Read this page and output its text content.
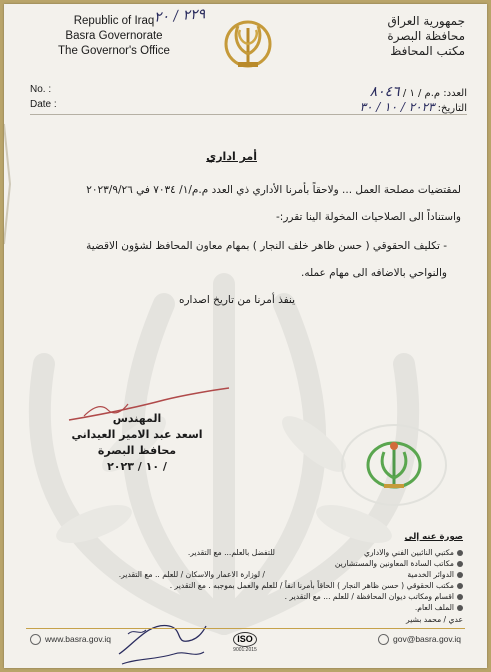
Republic of Iraq
Basra Governorate
The Governor's Office
٢٢٩ / ٢٠	جمهورية العراق
محافظة البصرة
مكتب المحافظ
No. :
Date :
العدد: م.م / ١ / ٨٠٤٦
التاريخ: ٢٠٢٣ / ١٠ / ٣٠
أمر اداري
لمقتضيات مصلحة العمل ... ولاحقاً بأمرنا الأداري ذي العدد م.م/١/ ٧٠٣٤ في ٢٠٢٣/٩/٢٦
واستناداً الى الصلاحيات المخولة الينا تقرر:-
- تكليف الحقوقي ( حسن ظاهر خلف النجار ) بمهام معاون المحافظ لشؤون الاقضية
والنواحي بالاضافه الى مهام عمله.
ينفذ أمرنا من تاريخ اصداره
المهندس
اسعد عبد الامير العيداني
محافظ البصرة
/ ١٠ / ٢٠٢٣
صورة عنه إلى
مكتبي النائبين الفني والاداري
مكاتب السادة المعاونين والمستشارين
الدوائر الخدمية
مكتب الحقوقي ( حسن ظاهر النجار ) الحاقاً بأمرنا انفاً / للعلم والعمل بموجبه . مع التقدير .
اقسام ومكاتب ديوان المحافظة / للعلم ... مع التقدير .
الملف العام.
للتفضل بالعلم... مع التقدير.
/ لوزارة الاعمار والاسكان / للعلم .. مع التقدير.
عدي / محمد بشير
www.basra.gov.iq	ISO
9001:2015
gov@basra.gov.iq
